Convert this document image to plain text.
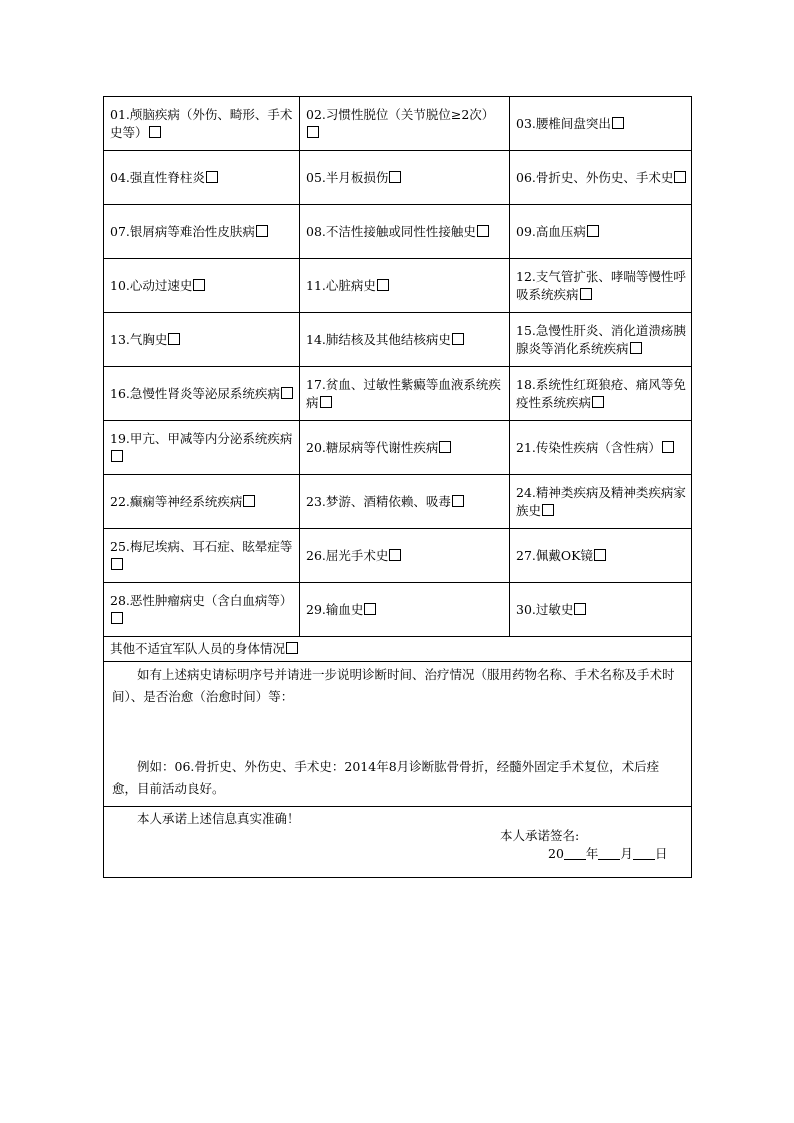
01.颅脑疾病（外伤、畸形、手术史等）	02.习惯性脱位（关节脱位≥2次）	03.腰椎间盘突出
04.强直性脊柱炎	05.半月板损伤	06.骨折史、外伤史、手术史
07.银屑病等难治性皮肤病	08.不洁性接触或同性性接触史	09.高血压病
10.心动过速史	11.心脏病史	12.支气管扩张、哮喘等慢性呼吸系统疾病
13.气胸史	14.肺结核及其他结核病史	15.急慢性肝炎、消化道溃疡胰腺炎等消化系统疾病
16.急慢性肾炎等泌尿系统疾病	17.贫血、过敏性紫癜等血液系统疾病	18.系统性红斑狼疮、痛风等免疫性系统疾病
19.甲亢、甲减等内分泌系统疾病	20.糖尿病等代谢性疾病	21.传染性疾病（含性病）
22.癫痫等神经系统疾病	23.梦游、酒精依赖、吸毒	24.精神类疾病及精神类疾病家族史
25.梅尼埃病、耳石症、眩晕症等	26.屈光手术史	27.佩戴OK镜
28.恶性肿瘤病史（含白血病等）	29.输血史	30.过敏史
其他不适宜军队人员的身体情况		

如有上述病史请标明序号并请进一步说明诊断时间、治疗情况（服用药物名称、手术名称及手术时间）、是否治愈（治愈时间）等：

例如：06.骨折史、外伤史、手术史：2014年8月诊断肱骨骨折，经髓外固定手术复位，术后痊愈，目前活动良好。		

本人承诺上述信息真实准确！

本人承诺签名:
20 年 月 日		
